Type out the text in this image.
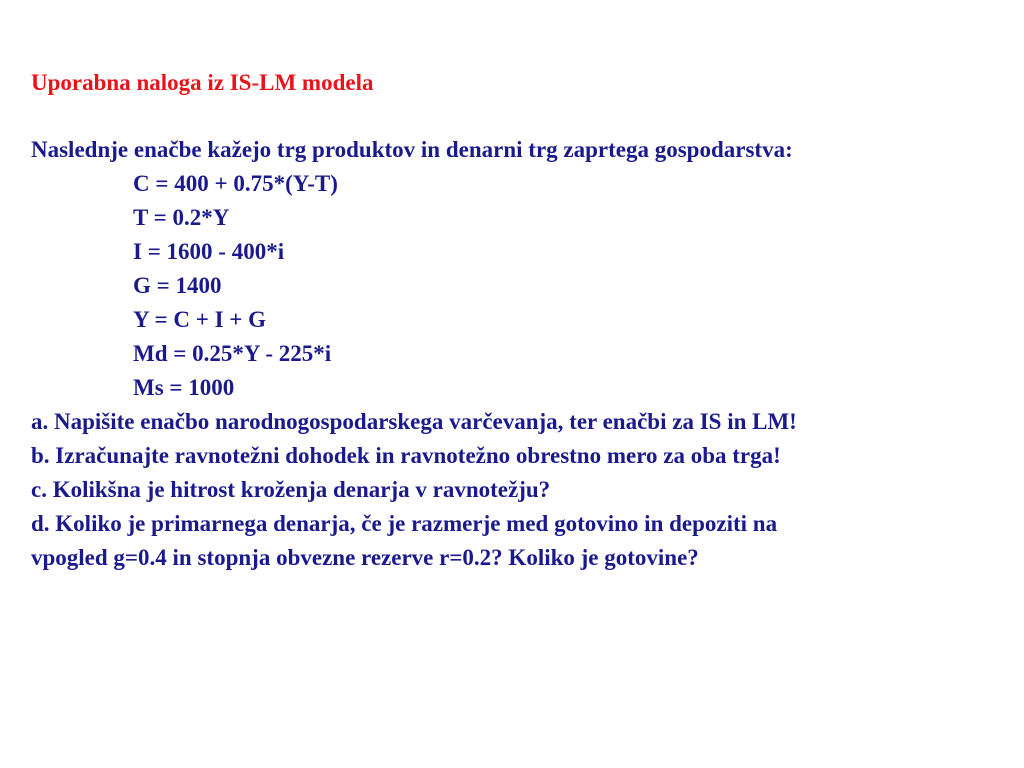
Uporabna naloga iz IS-LM modela
Naslednje enačbe kažejo trg produktov in denarni trg zaprtega gospodarstva:
C = 400 + 0.75*(Y-T)
T = 0.2*Y
I = 1600 - 400*i
G = 1400
Y = C + I + G
Md = 0.25*Y - 225*i
Ms = 1000
a. Napišite enačbo narodnogospodarskega varčevanja, ter enačbi za IS in LM!
b. Izračunajte ravnotežni dohodek in ravnotežno obrestno mero za oba trga!
c. Kolikšna je hitrost kroženja denarja v ravnotežju?
d. Koliko je primarnega denarja, če je razmerje med gotovino in depoziti na
vpogled g=0.4 in stopnja obvezne rezerve r=0.2? Koliko je gotovine?
